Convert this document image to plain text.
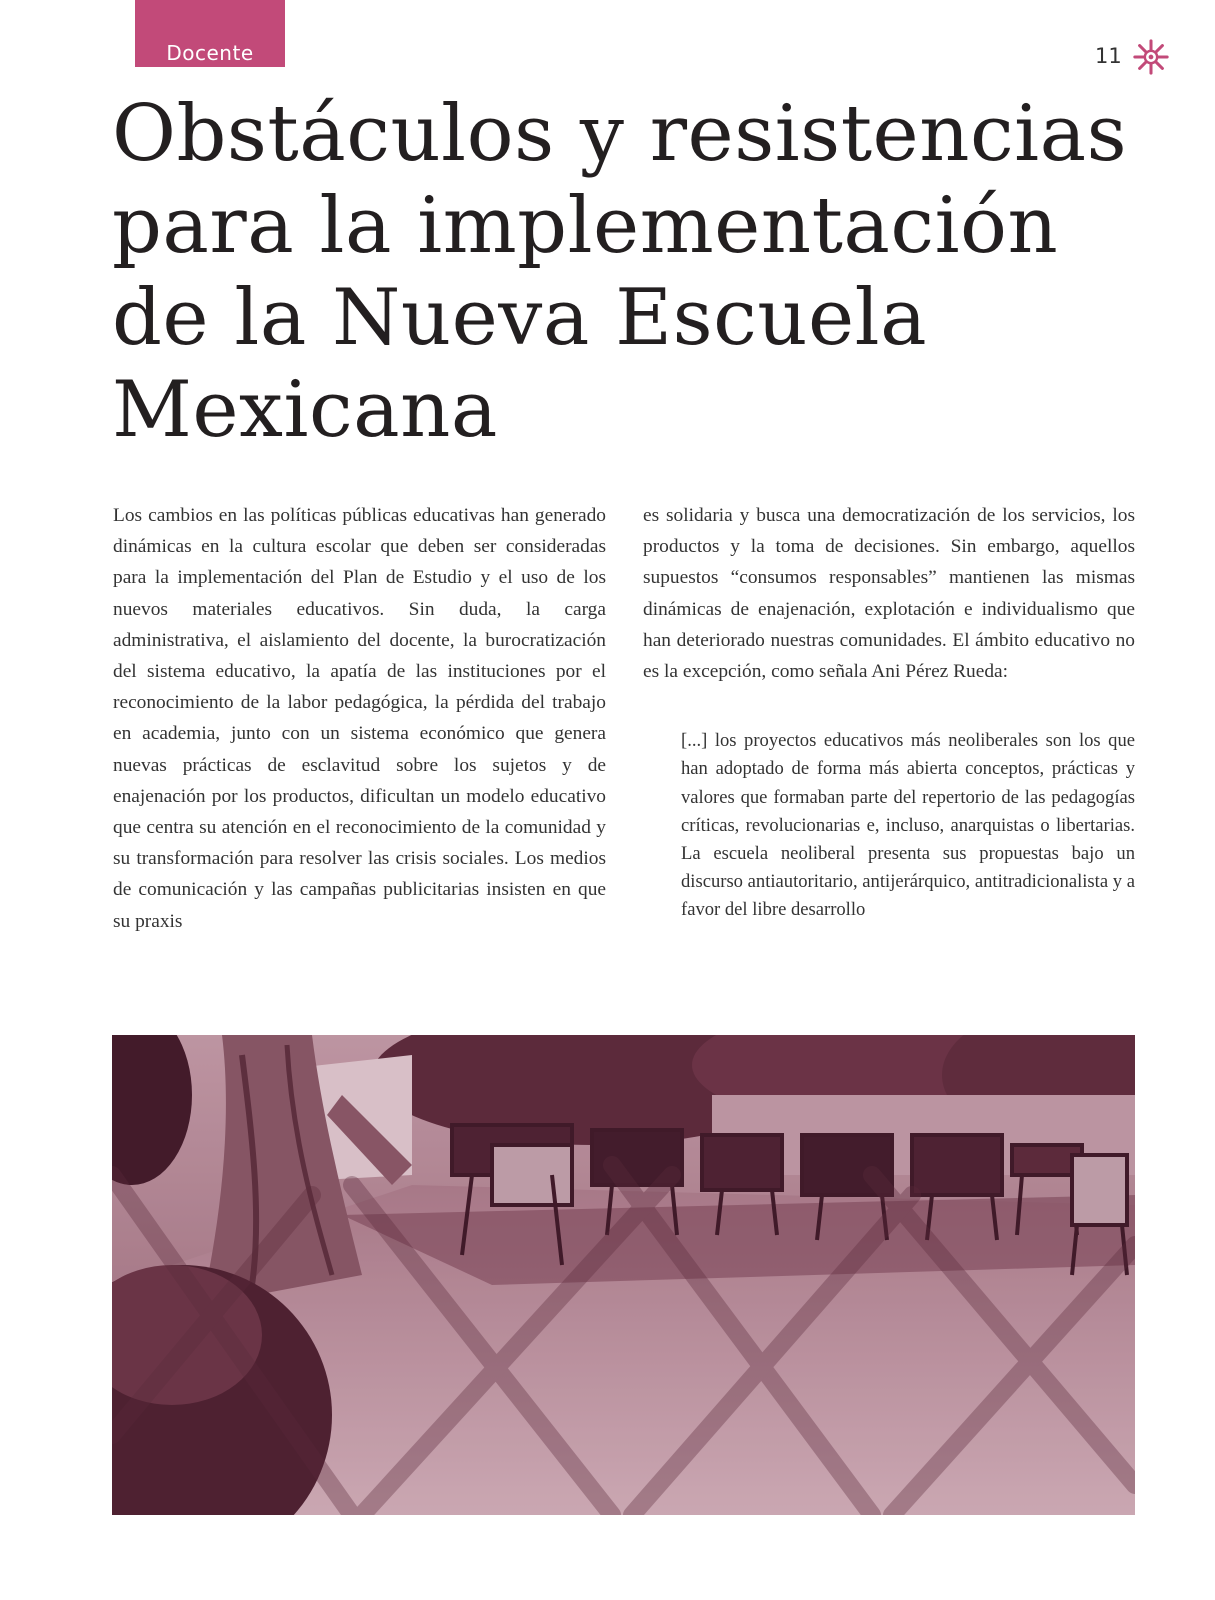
Docente	11
Obstáculos y resistencias
para la implementación
de la Nueva Escuela
Mexicana

Los cambios en las políticas públicas educativas han generado dinámicas en la cultura escolar que deben ser consideradas para la implementación del Plan de Estudio y el uso de los nuevos materiales educativos. Sin duda, la carga administrativa, el aislamiento del docente, la burocratización del sistema educativo, la apatía de las instituciones por el reconocimiento de la labor pedagógica, la pérdida del trabajo en academia, junto con un sistema económico que genera nuevas prácticas de esclavitud sobre los sujetos y de enajenación por los productos, dificultan un modelo educativo que centra su atención en el reconocimiento de la comunidad y su transformación para resolver las crisis sociales. Los medios de comunicación y las campañas publicitarias insisten en que su praxis

es solidaria y busca una democratización de los servicios, los productos y la toma de decisiones. Sin embargo, aquellos supuestos “consumos responsables” mantienen las mismas dinámicas de enajenación, explotación e individualismo que han deteriorado nuestras comunidades. El ámbito educativo no es la excepción, como señala Ani Pérez Rueda:

[...] los proyectos educativos más neoliberales son los que han adoptado de forma más abierta conceptos, prácticas y valores que formaban parte del repertorio de las pedagogías críticas, revolucionarias e, incluso, anarquistas o libertarias. La escuela neoliberal presenta sus propuestas bajo un discurso antiautoritario, antijerárquico, antitradicionalista y a favor del libre desarrollo
